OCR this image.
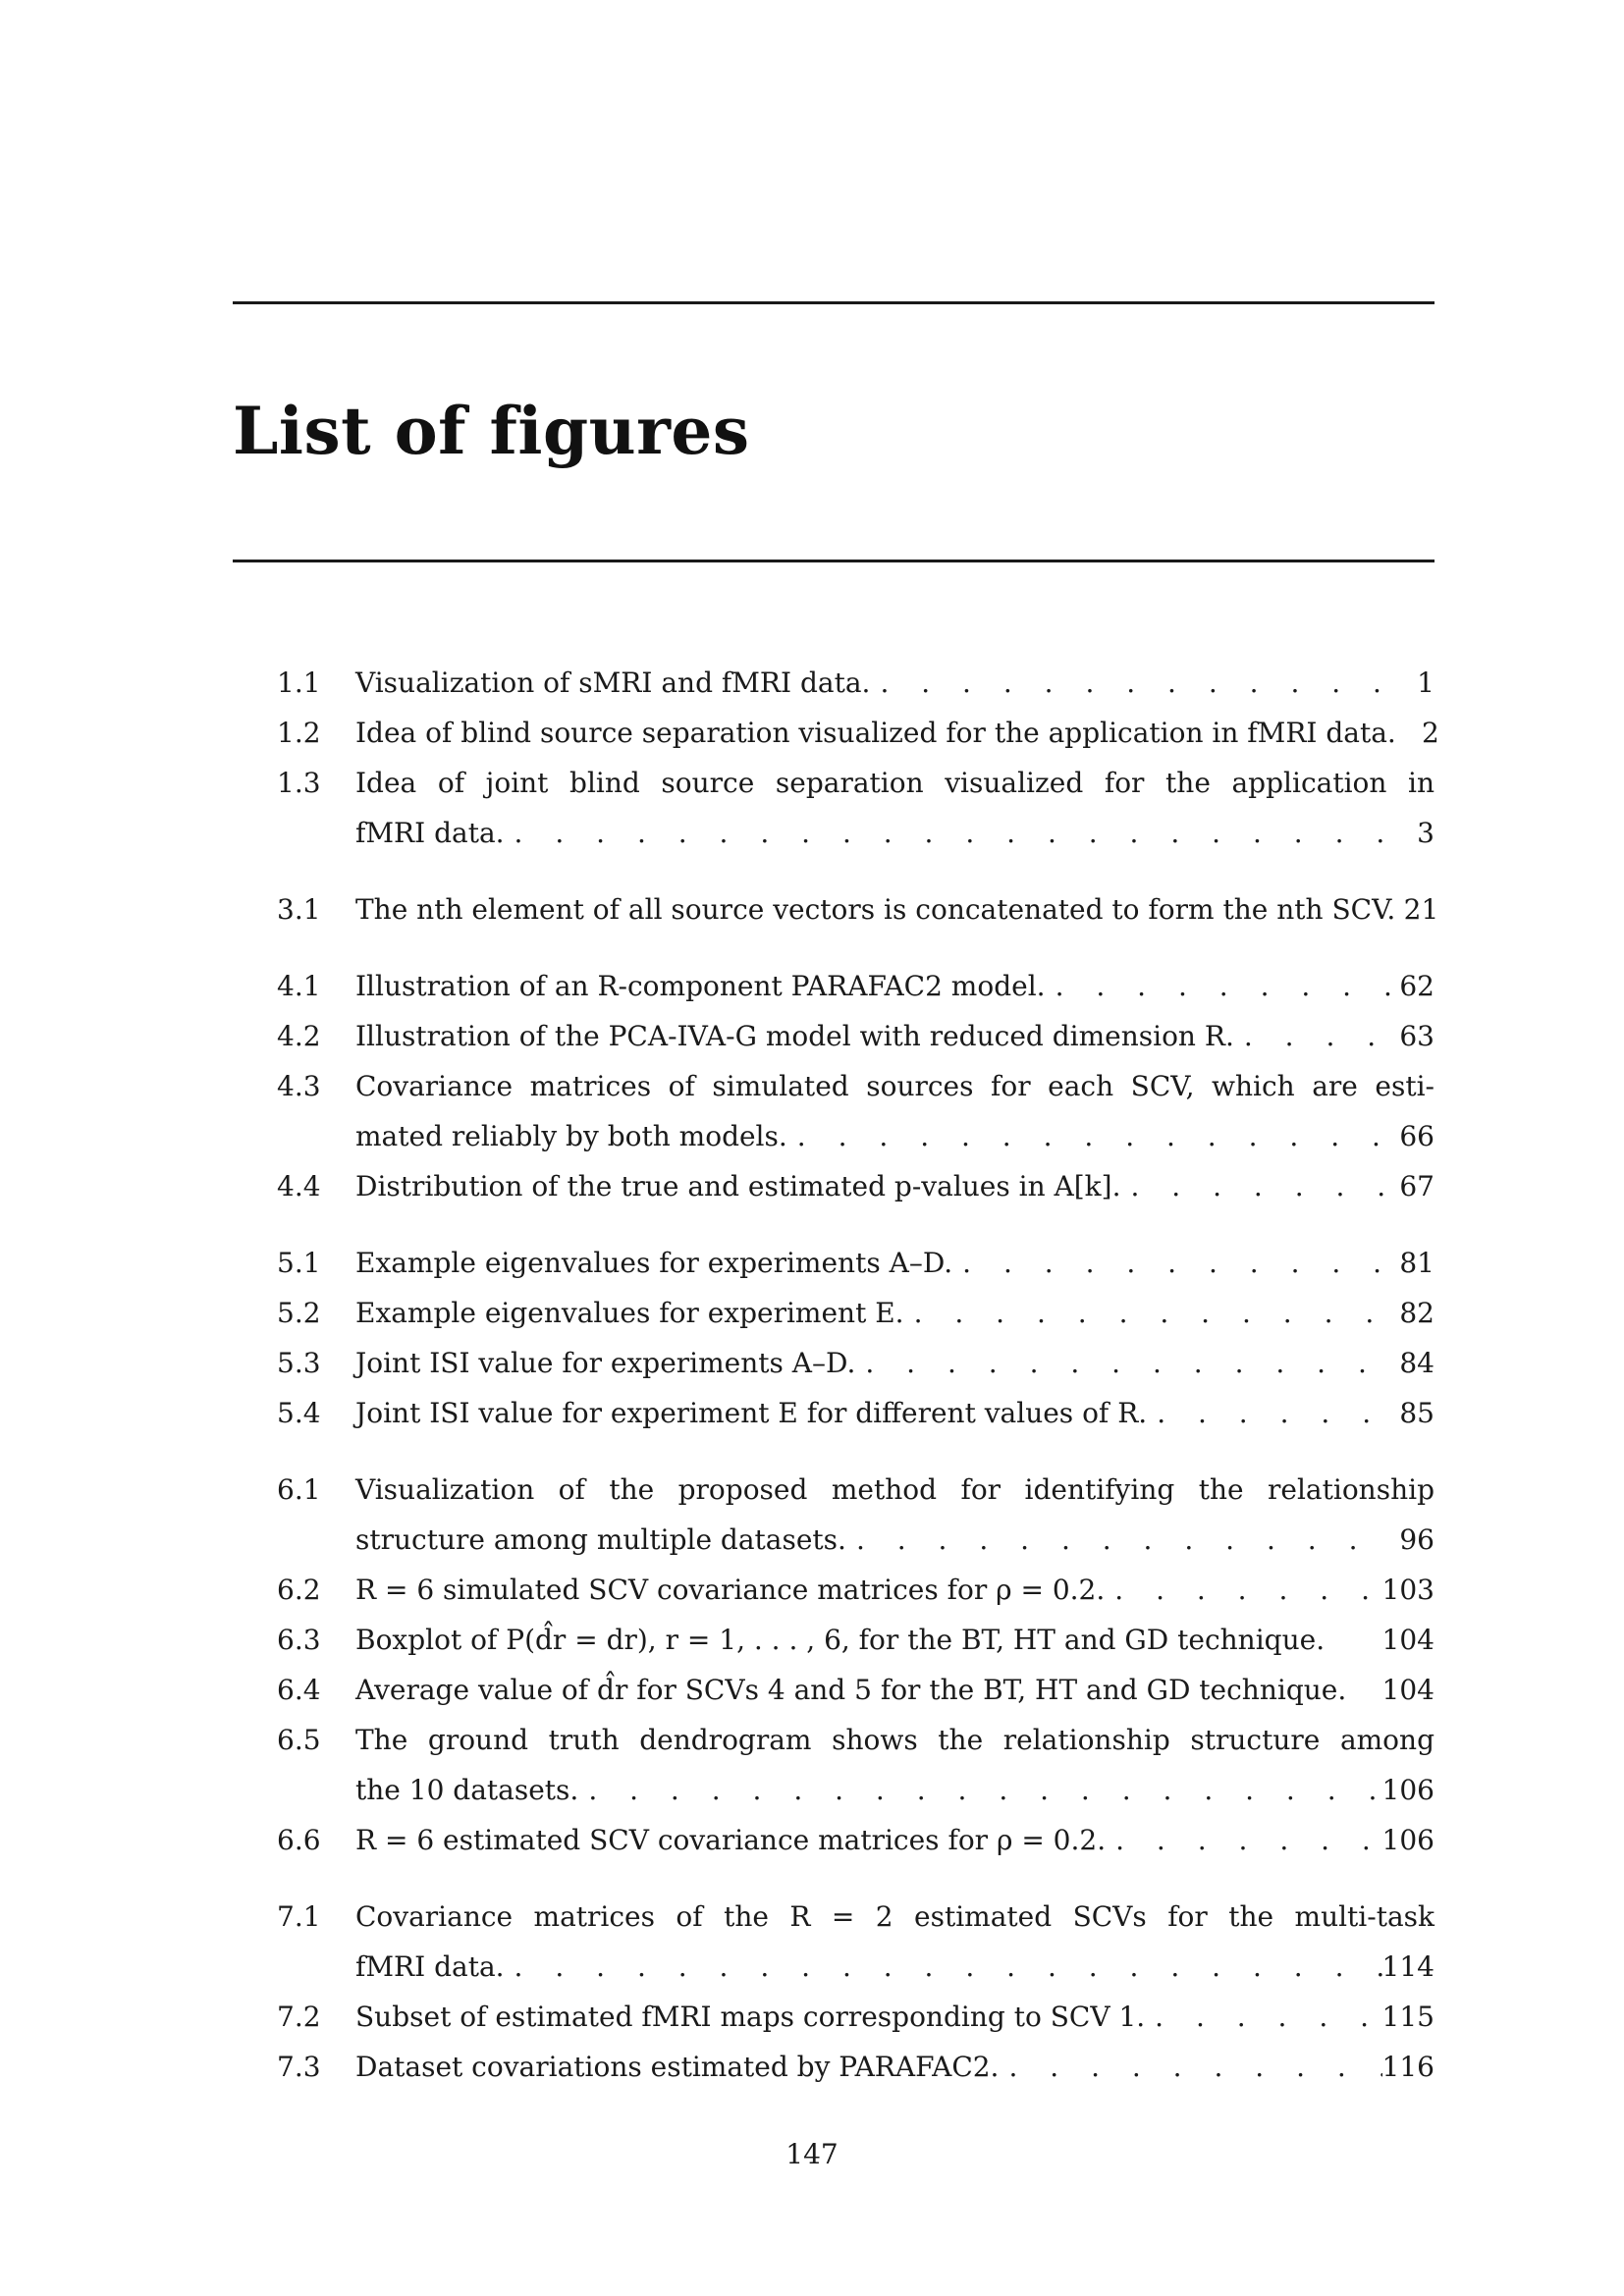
List of figures
1.1	Visualization of sMRI and fMRI data. . . .	1
1.2	Idea of blind source separation visualized for the application in fMRI data. 2
1.3	Idea of joint blind source separation visualized for the application in
fMRI data. . . .	3
3.1	The nth element of all source vectors is concatenated to form the nth SCV. 21
4.1	Illustration of an R-component PARAFAC2 model. . . .	62
4.2	Illustration of the PCA-IVA-G model with reduced dimension R. . . .	63
4.3	Covariance matrices of simulated sources for each SCV, which are esti-
mated reliably by both models. . . .	66
4.4	Distribution of the true and estimated p-values in A[k]. . . .	67
5.1	Example eigenvalues for experiments A–D. . . .	81
5.2	Example eigenvalues for experiment E. . . .	82
5.3	Joint ISI value for experiments A–D. . . .	84
5.4	Joint ISI value for experiment E for different values of R. . . .	85
6.1	Visualization of the proposed method for identifying the relationship
structure among multiple datasets. . . .	96
6.2	R = 6 simulated SCV covariance matrices for ρ = 0.2. . . .	103
6.3	Boxplot of P(d̂r = dr), r = 1, . . . , 6, for the BT, HT and GD technique. 104
6.4	Average value of d̂r for SCVs 4 and 5 for the BT, HT and GD technique. 104
6.5	The ground truth dendrogram shows the relationship structure among
the 10 datasets. . . .	106
6.6	R = 6 estimated SCV covariance matrices for ρ = 0.2. . . .	106
7.1	Covariance matrices of the R = 2 estimated SCVs for the multi-task
fMRI data. . . .	114
7.2	Subset of estimated fMRI maps corresponding to SCV 1. . . .	115
7.3	Dataset covariations estimated by PARAFAC2. . . .	116
147
